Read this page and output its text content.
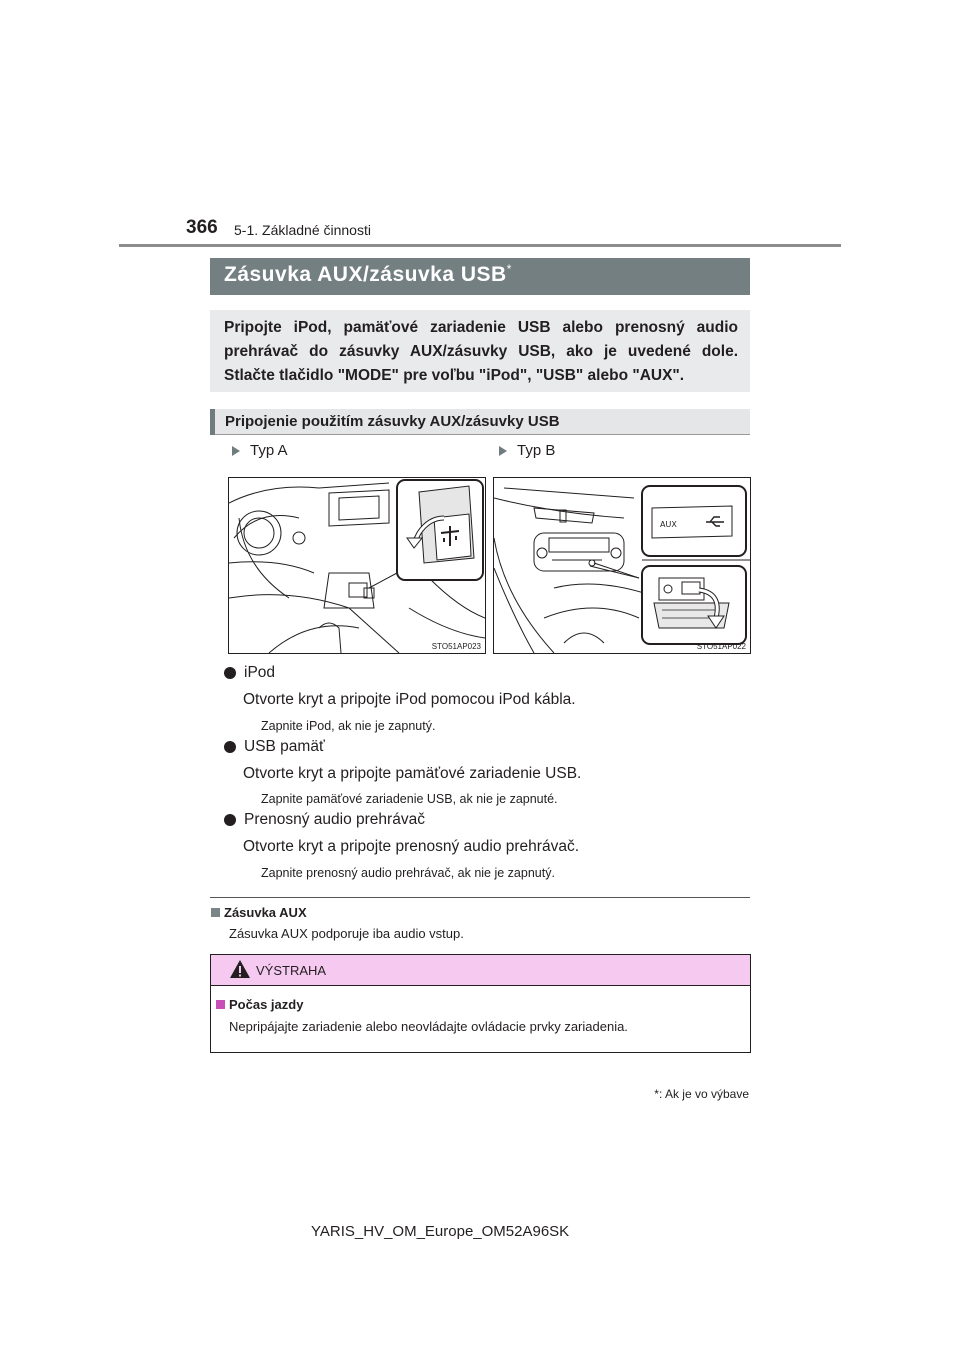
366 5-1. Základné činnosti
Zásuvka AUX/zásuvka USB*
Pripojte iPod, pamäťové zariadenie USB alebo prenosný audio prehrávač do zásuvky AUX/zásuvky USB, ako je uvedené dole. Stlačte tlačidlo "MODE" pre voľbu "iPod", "USB" alebo "AUX".
Pripojenie použitím zásuvky AUX/zásuvky USB
Typ A	Typ B
STO51AP023
AUX
STO51AP022
iPod
Otvorte kryt a pripojte iPod pomocou iPod kábla.
Zapnite iPod, ak nie je zapnutý.
USB pamäť
Otvorte kryt a pripojte pamäťové zariadenie USB.
Zapnite pamäťové zariadenie USB, ak nie je zapnuté.
Prenosný audio prehrávač
Otvorte kryt a pripojte prenosný audio prehrávač.
Zapnite prenosný audio prehrávač, ak nie je zapnutý.
Zásuvka AUX
Zásuvka AUX podporuje iba audio vstup.
VÝSTRAHA
Počas jazdy
Nepripájajte zariadenie alebo neovládajte ovládacie prvky zariadenia.
*: Ak je vo výbave
YARIS_HV_OM_Europe_OM52A96SK
